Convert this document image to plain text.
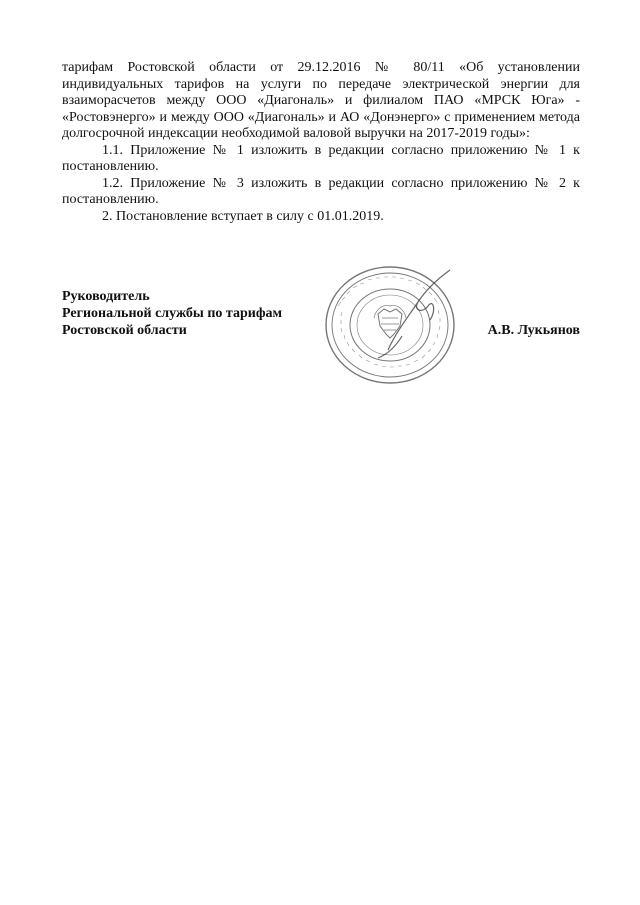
тарифам Ростовской области от 29.12.2016 № 80/11 «Об установлении индивидуальных тарифов на услуги по передаче электрической энергии для взаиморасчетов между ООО «Диагональ» и филиалом ПАО «МРСК Юга» - «Ростовэнерго» и между ООО «Диагональ» и АО «Донэнерго» с применением метода долгосрочной индексации необходимой валовой выручки на 2017-2019 годы»:

1.1. Приложение № 1 изложить в редакции согласно приложению № 1 к постановлению.

1.2. Приложение № 3 изложить в редакции согласно приложению № 2 к постановлению.

2. Постановление вступает в силу с 01.01.2019.

Руководитель
Региональной службы по тарифам
Ростовской области	А.В. Лукьянов
